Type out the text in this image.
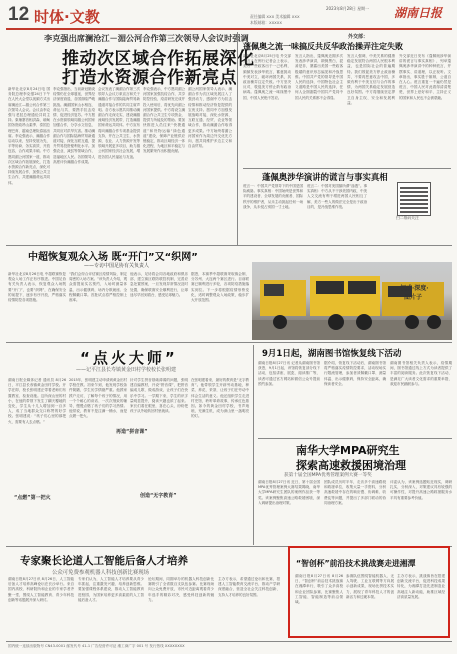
12 时体·文教	2023年8月28日 星期一
责任编辑 XXX 美术编辑 XXX
本版邮箱：XXXXX
湖南日报
李克强出席澜沧江－湄公河合作第三次领导人会议时强调
推动次区域合作拓展深化
打造水资源合作新亮点
新华社北京8月24日电 国务院总理李克强24日下午在人民大会堂以视频方式出席澜沧江—湄公河合作第三次领导人会议。会议由李克强与老挝总理通伦共同主持。柬埔寨首相洪森、缅甸国务资政昂山素季、泰国总理巴育、越南总理阮春福出席。李克强表示，澜湄合作启动以来，坚持发展为先、平等协商、务实高效、开放包容，合作成果丰硕。中方愿同湄公河国家一道，推动次区域合作拓展深化，打造水资源合作新亮点，深化可持续发展合作，加强公共卫生合作，共建澜湄命运共同体。
李克强指出，当前新冠肺炎疫情仍在全球蔓延，世界经济深度衰退，各国面临严峻挑战。澜湄国家山水相连、命运与共，要携手抗击疫情、促进经济复苏。中方愿在水资源领域同湄公河国家加强合作，分享水文信息，共同应对洪旱灾害。推动澜湄合作与国际陆海贸易新通道对接，深化互联互通，提升贸易投资便利化水平。加强农业、减贫等领域合作，造福地区人民。各国领导人高度评价澜湄合作成果。
会议发表了澜湄合作第三次领导人会议万象宣言和关于澜湄合作与国际陆海贸易新通道对接合作的共同主席声明。各方表示愿共同推动澜湄合作走深走实，建设澜湄流域经济发展带，打造澜湄国家命运共同体。中方宣布将向澜湄合作专项基金提供支持，并在公共卫生、水资源、农业、人力资源开发等领域开展更多项目，助力湄公河国家经济社会发展，增进各国人民福祉与友谊。
李克强表示，中方愿同湄公河国家加强抗疫合作，共享防控经验，疫苗研发完成并投入使用后，将优先向湄公河国家提供。中方将设立澜湄合作公共卫生专项资金，提供力所能及的帮助。要加快推进人员往来“快捷通道”和货物运输“绿色通道”建设，保障产业链供应链稳定，推动区域经济一体化进程，为地区和平稳定与发展繁荣作出积极贡献。
湄公河国家领导人表示，澜湄合作为次区域发展注入了强劲动力，感谢中方为抗击疫情和推动经济恢复提供的宝贵支持。愿同中方加强发展战略对接，深化水资源、互联互通、经贸、农业等领域合作，推动澜湄合作取得更多成果。中方始终将湄公河国家作为周边外交优先方向，愿共同维护多边主义和自由贸易。
外交部：
蓬佩奥之流一味搞反共反华政治操弄注定失败
新华社北京8月25日电 外交部发言人在例行记者会上表示，美方一些政客出于一己私利，频频发表涉华谎言，蓄意挑动中美对立，破坏两国关系，其政治操弄注定失败。中方坚决反对，敦促美方停止散布政治病毒。蓬佩奥之流一味抹黑中国，中国人民绝不答应。
发言人指出，蓬佩奥近期多次发表涉华演讲，颠倒黑白，混淆是非，暴露出美国一些政客极端的意识形态偏见和冷战思维。中国共产党的领导是中国人民的选择，中国特色社会主义道路是中国人民的选择，任何人企图割裂中国共产党同中国人民的关系都不会得逞。
发言人强调，中美关系的健康稳定发展符合两国人民根本利益，也是国际社会的普遍期待。我们敦促美方停止政治操弄，不要再恶意攻击中国，多做有利于中美互信与合作的事情，为两国关系稳定发展营造良好氛围。中方将继续坚定捍卫自身主权、安全和发展利益。
外交部近日发布《蓬佩奥涉华演讲的谎言与事实真相》，列举蓬佩奥涉华演讲中的种种谎言，并摆事实、讲道理，以正视听。文章指出，事实胜于雄辩，公道自在人心。谎言重复一千遍仍然是谎言，中国人民对此看得清清楚楚，世界上爱好和平、主持正义的国家和人民也不会被蒙蔽。
蓬佩奥涉华演讲的谎言与事实真相
谎言一：中国共产党领导下的中国是国际威胁。事实真相：中国始终是世界和平的建设者、全球发展的贡献者、国际秩序的维护者，从未主动挑起任何一场战争，从未侵占别国一寸土地。
谎言二：中国对美国搞所谓“渗透”。事实真相：中方从不干涉美国内政，中美人文交流有利于增进两国人民相互了解，美方一些人的做法完全是出于政治目的，是冷战思维作祟。
扫二维码关注
中超恢复观众入场 既“开门”又“织网”
——专访中国足协有关负责人
新华社北京8月26日电 中超联赛恢复观众入场工作正有序推进。中国足协有关负责人表示，恢复观众入场既要“开门”，也要“织网”，在确保安全的前提下，逐步有序开放，严格落实疫情防控各项措施。
“我们会综合评估赛区疫情风险，制定周密的入场方案。”该负责人介绍，观众需提前实名预约，入场时测量体温、出示健康码，场内分散就座、全程佩戴口罩。首批试点将严格控制上座率。
他表示，足协将会同各地政府和俱乐部，建立赛区联防联控机制，完善应急处置预案，一旦发现异常情况及时处置，确保联赛安全顺利进行，让球迷尽早回到看台，感受足球魅力。
据悉，本赛季中超联赛采取赛会制，分苏州、大连两个赛区进行。目前联赛已顺利进行多轮，各项防疫措施落实到位。下一步将根据疫情形势变化，适时调整观众入场政策，稳步扩大开放范围。
权威·深度·
图片子
“点火大师”
——记平江县长寿镇黄金田村学校校长张明建
湖南日报全媒体记者 通讯员 8月26日，平江县长寿镇黄金田村学校。开学在即，校长张明建正带着老师们布置教室、检查设施。这所深山里的村小，在他的带领下发生了翻天覆地的变化，学生从十几人增加到一百多人，成了当地群众交口称赞的好学校。张明建说：“孩子们心里的那把火，需要有人去点燃。”
“点燃”第一把火
2015年，张明建主动申请到黄金田村学校任教。初来乍到，他发现学校条件简陋，学生厌学情绪严重。他挨家挨户走访，了解每个孩子的情况，用一个个耐心的谈话、一次次细致的辅导，慢慢点燃了孩子们的学习热情。他常说，教育不是注满一桶水，而是点燃一把火。
再造“拼音课”
针对学生拼音基础薄弱的问题，张明建自编教材，开设“拼音课”，把拼音编成儿歌、做成游戏，让孩子们在快乐中学习。一学期下来，学生的识字量明显提升，阅读兴趣也浓了起来。家长们看在眼里，喜在心头，纷纷把孩子从外地转回村里就读。
创造“无字教育”
在张明建看来，最好的教育是“无字教育”。他带领学生开辟劳动基地，种菜、养花、采茶，让孩子们在劳动中体会生活的意义。他还组织学生走进村史馆，聆听革命故事，传承红色基因。如今的黄金田村学校，书声琅琅，充满生机，成为深山里一盏明亮的灯。
9月1日起，湖南图书馆恢复线下活动
湖南日报8月27日讯 记者从湖南图书馆获悉，9月1日起，该馆将恢复部分线下活动，包括讲座、展览、阅读推广等，读者可通过官方网站和微信公众号提前预约参加。
据介绍，恢复线下活动后，湖南图书馆将严格落实疫情防控要求，活动现场实行限流管理，参加者须佩戴口罩、测量体温、出示健康码，保持安全距离，确保读者安全。
湖南图书馆相关负责人表示，疫情期间，图书馆通过线上方式为读者提供了丰富的阅读服务。此次恢复线下活动，是满足广大读者文化需求的重要举措，欢迎市民踊跃参与。
南华大学MPA研究生
探索高速救援困境治理
获第十届全国MPA优秀管理案例大赛一等奖
湖南日报8月27日讯 近日，第十届全国MPA优秀管理案例大赛结果揭晓，南华大学MPA研究生团队的案例作品获一等奖。该案例聚焦高速公路救援困境，深入调研提出治理对策。
团队成员历时半年，走访多个高速路段和救援单位，收集大量一手资料，分析高速救援中存在的响应慢、协调难、收费乱等问题，并提出了多部门联动的协同治理方案。
评委认为，该案例选题贴近现实，调研扎实，分析深入，对策建议具有较强的可操作性，对提升高速公路救援服务水平具有重要参考价值。
专家聚长论道人工智能后备人才培养
公众可免费参观机器人科技创新比赛现场
湖南日报8月27日讯 8月26日，人工智能后备人才培养高峰论坛在长沙举行。来自国内高校、科研院所和企业的专家学者齐聚一堂，围绕人工智能教育、青少年科技创新等话题展开深入研讨。
专家们认为，人工智能人才培养要从青少年抓起，注重激发兴趣、培养创新思维。要加强课程体系建设，推动人工智能教育进校园，为国家培养更多高素质的人工智能后备人才。
论坛期间，同期举办的机器人科技创新比赛吸引了全省数百支队伍参赛。比赛现场向公众免费开放，市民可近距离观看青少年选手的精彩对决，感受科技创新的魅力。
主办方表示，希望通过论坛和比赛，搭建人工智能教育交流平台，推动产学研深度融合，营造全社会关注科技创新、支持人才培养的良好氛围。
“智创杯”前沿技术挑战赛走进湘潭
湖南日报8月27日讯 8月26日，“智创杯”前沿技术挑战赛在湘潭举行，吸引了众多高校和企业团队参赛，比赛聚焦人工智能、智能制造等前沿领域。
参赛队伍围绕智能机器人、无人驾驶、工业互联网等方向展示创新成果，现场比拼技术实力，展现了青年科技人才的创新活力和过硬本领。
主办方表示，挑战赛旨在搭建创新交流平台，促进科技成果转化，为湘潭打造先进制造业高地注入新动能，助推区域经济高质量发展。
国内统一连续出版物号 CN43-0001 邮发代号 41-1 广告经营许可证 湘工商广字 001 号 发行热线 XXXXXXXX
